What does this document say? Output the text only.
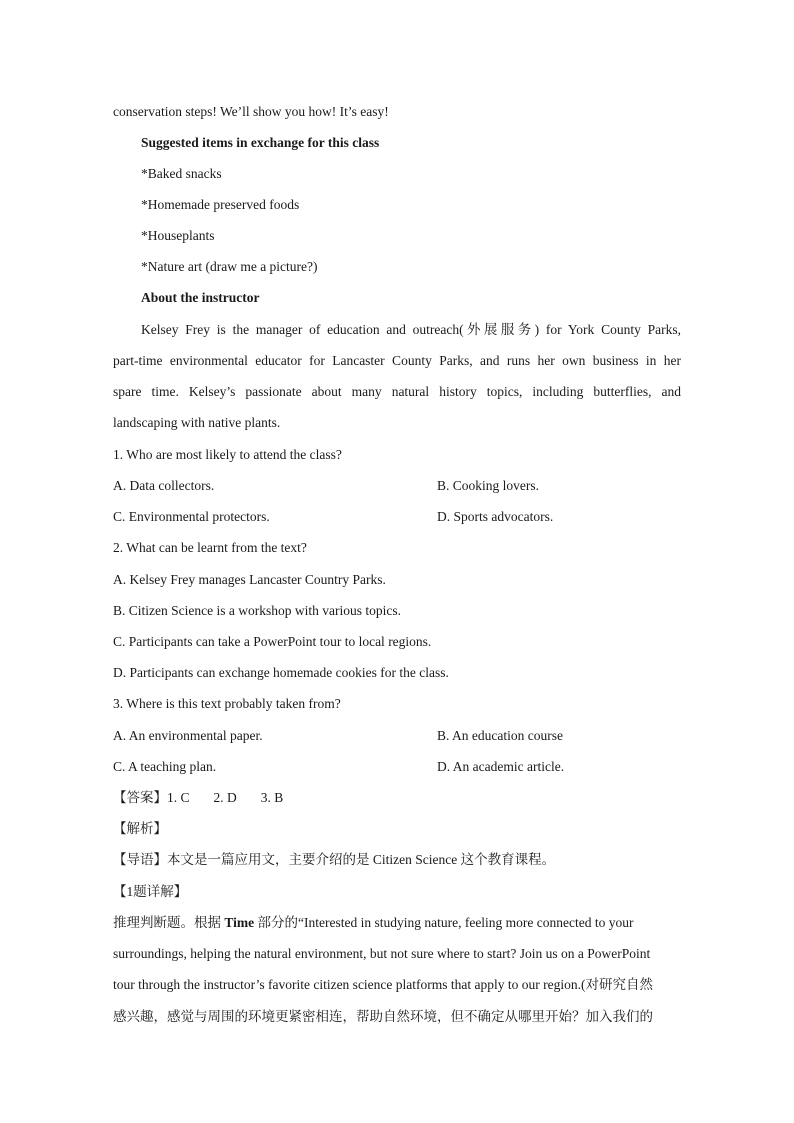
conservation steps! We’ll show you how! It’s easy!
Suggested items in exchange for this class
*Baked snacks
*Homemade preserved foods
*Houseplants
*Nature art (draw me a picture?)
About the instructor
Kelsey Frey is the manager of education and outreach(外展服务) for York County Parks,
part-time environmental educator for Lancaster County Parks, and runs her own business in her
spare time. Kelsey’s passionate about many natural history topics, including butterflies, and
landscaping with native plants.
1. Who are most likely to attend the class?
A. Data collectors.	B. Cooking lovers.
C. Environmental protectors.	D. Sports advocators.
2. What can be learnt from the text?
A. Kelsey Frey manages Lancaster Country Parks.
B. Citizen Science is a workshop with various topics.
C. Participants can take a PowerPoint tour to local regions.
D. Participants can exchange homemade cookies for the class.
3. Where is this text probably taken from?
A. An environmental paper.	B. An education course
C. A teaching plan.	D. An academic article.
【答案】1. C 2. D 3. B
【解析】
【导语】本文是一篇应用文，主要介绍的是 Citizen Science 这个教育课程。
【1题详解】
推理判断题。根据 Time 部分的“Interested in studying nature, feeling more connected to your
surroundings, helping the natural environment, but not sure where to start? Join us on a PowerPoint
tour through the instructor’s favorite citizen science platforms that apply to our region.(对研究自然
感兴趣，感觉与周围的环境更紧密相连，帮助自然环境，但不确定从哪里开始？加入我们的
